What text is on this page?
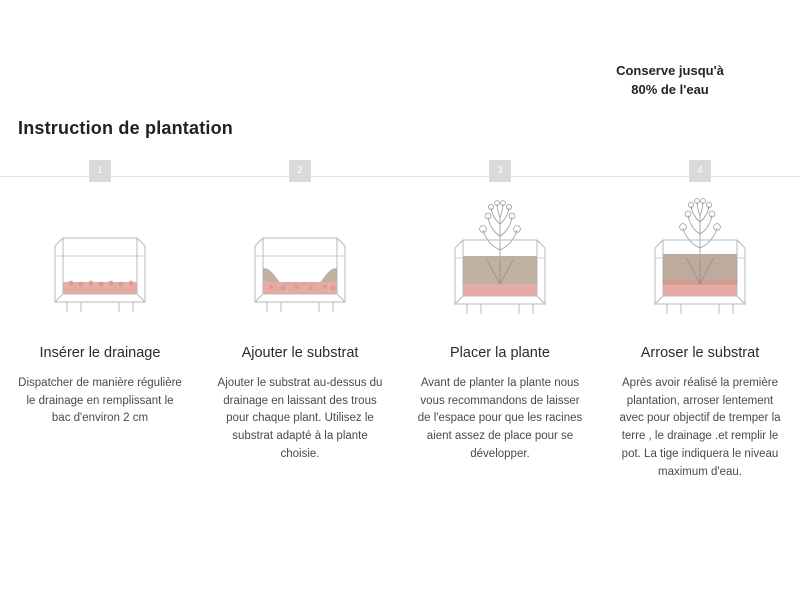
Conserve jusqu'à
80% de l'eau
Instruction de plantation
1
Insérer le drainage
Dispatcher de manière régulière le drainage en remplissant le bac d'environ 2 cm
2
Ajouter le substrat
Ajouter le substrat au-dessus du drainage en laissant des trous pour chaque plant. Utilisez le substrat adapté à la plante choisie.
3
Placer la plante
Avant de planter la plante nous vous recommandons de laisser de l'espace pour que les racines aient assez de place pour se développer.
4
Arroser le substrat
Après avoir réalisé la première plantation, arroser lentement avec pour objectif de tremper la terre , le drainage .et remplir le pot. La tige indiquera le niveau maximum d'eau.
